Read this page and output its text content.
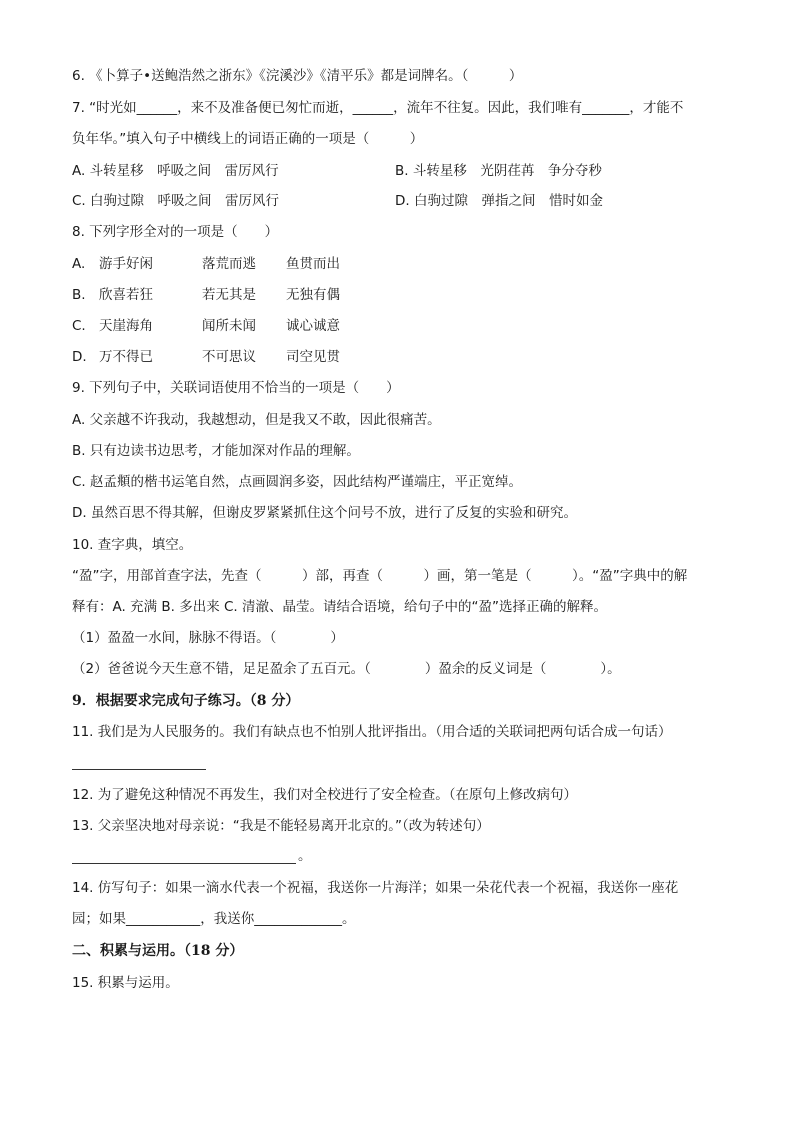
6. 《卜算子•送鲍浩然之浙东》《浣溪沙》《清平乐》都是词牌名。（　　　）
7. “时光如______，来不及准备便已匆忙而逝，______，流年不往复。因此，我们唯有_______，才能不
负年华。”填入句子中横线上的词语正确的一项是（　　　）
A. 斗转星移　呼吸之间　雷厉风行	B. 斗转星移　光阴荏苒　争分夺秒
C. 白驹过隙　呼吸之间　雷厉风行	D. 白驹过隙　弹指之间　惜时如金
8. 下列字形全对的一项是（　　）
A. 游手好闲	落荒而逃 鱼贯而出
B. 欣喜若狂	若无其是 无独有偶
C. 天崖海角	闻所未闻 诚心诚意
D. 万不得已	不可思议 司空见贯
9. 下列句子中，关联词语使用不恰当的一项是（　　）
A. 父亲越不许我动，我越想动，但是我又不敢，因此很痛苦。
B. 只有边读书边思考，才能加深对作品的理解。
C. 赵孟頫的楷书运笔自然，点画圆润多姿，因此结构严谨端庄，平正宽绰。
D. 虽然百思不得其解，但谢皮罗紧紧抓住这个问号不放，进行了反复的实验和研究。
10. 查字典，填空。
“盈”字，用部首查字法，先查（　　　）部，再查（　　　）画，第一笔是（　　　）。“盈”字典中的解
释有：A. 充满 B. 多出来 C. 清澈、晶莹。请结合语境，给句子中的“盈”选择正确的解释。
（1）盈盈一水间，脉脉不得语。（　　　　）
（2）爸爸说今天生意不错，足足盈余了五百元。（　　　　）盈余的反义词是（　　　　）。
9．根据要求完成句子练习。（8 分）
11. 我们是为人民服务的。我们有缺点也不怕别人批评指出。（用合适的关联词把两句话合成一句话）
12. 为了避免这种情况不再发生，我们对全校进行了安全检查。（在原句上修改病句）
13. 父亲坚决地对母亲说：“我是不能轻易离开北京的。”（改为转述句）
。
14. 仿写句子：如果一滴水代表一个祝福，我送你一片海洋；如果一朵花代表一个祝福，我送你一座花
园；如果___________，我送你_____________。
二、积累与运用。（18 分）
15. 积累与运用。
